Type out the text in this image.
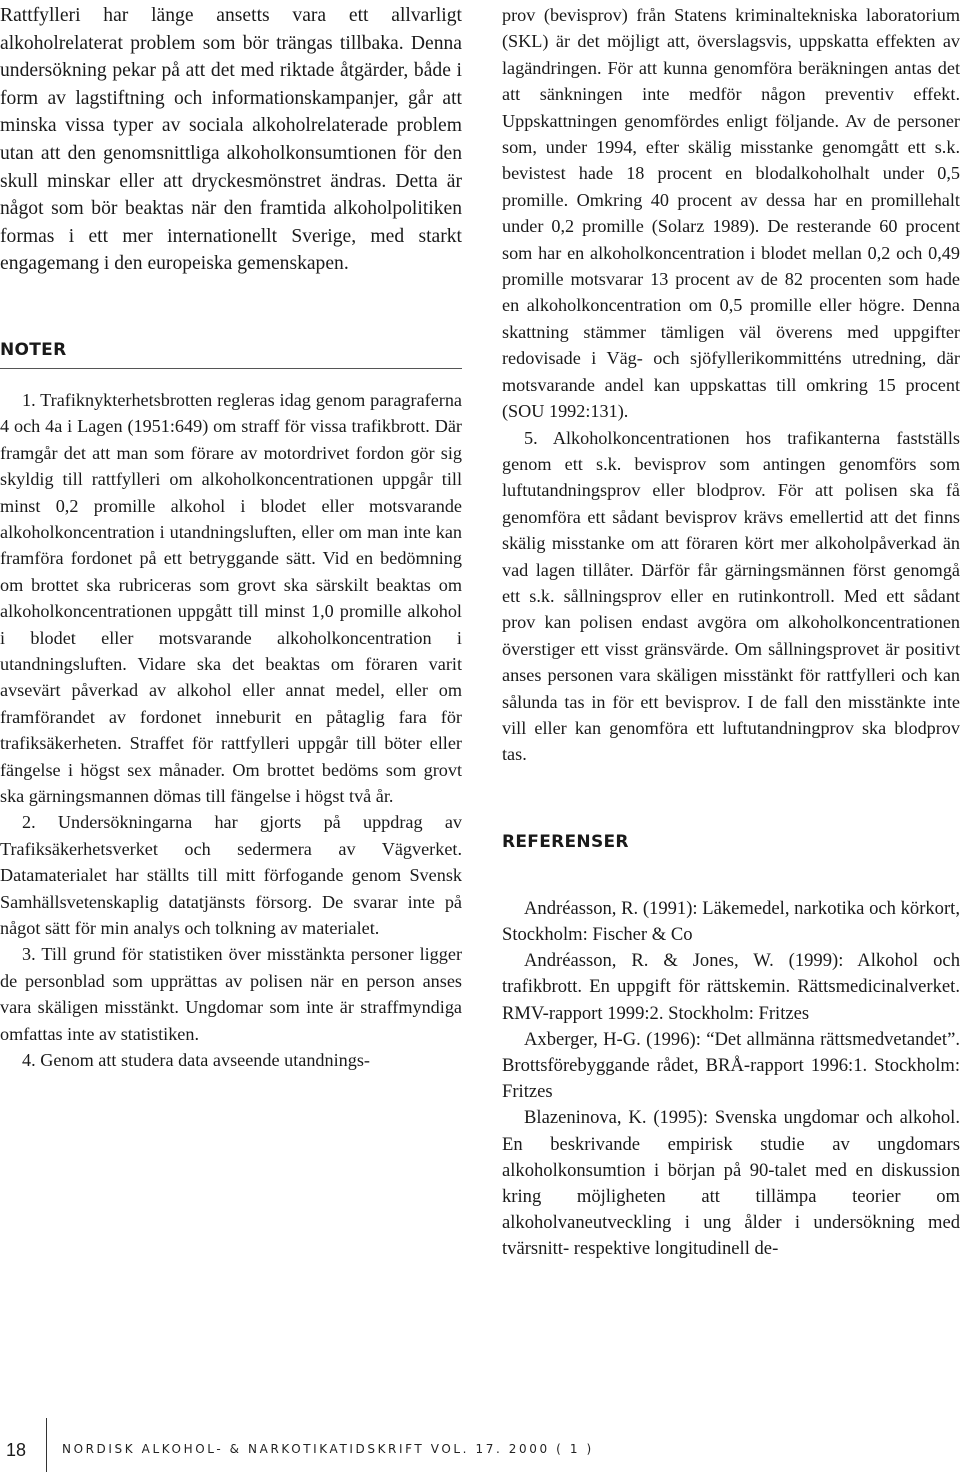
Rattfylleri har länge ansetts vara ett allvarligt alkoholrelaterat problem som bör trängas tillbaka. Denna undersökning pekar på att det med riktade åtgärder, både i form av lagstiftning och informationskampanjer, går att minska vissa typer av sociala alkoholrelaterade problem utan att den genomsnittliga alkoholkonsumtionen för den skull minskar eller att dryckesmönstret ändras. Detta är något som bör beaktas när den framtida alkoholpolitiken formas i ett mer internationellt Sverige, med starkt engagemang i den europeiska gemenskapen.

NOTER

1. Trafiknykterhetsbrotten regleras idag genom paragraferna 4 och 4a i Lagen (1951:649) om straff för vissa trafikbrott. Där framgår det att man som förare av motordrivet fordon gör sig skyldig till rattfylleri om alkoholkoncentrationen uppgår till minst 0,2 promille alkohol i blodet eller motsvarande alkoholkoncentration i utandningsluften, eller om man inte kan framföra fordonet på ett betryggande sätt. Vid en bedömning om brottet ska rubriceras som grovt ska särskilt beaktas om alkoholkoncentrationen uppgått till minst 1,0 promille alkohol i blodet eller motsvarande alkoholkoncentration i utandningsluften. Vidare ska det beaktas om föraren varit avsevärt påverkad av alkohol eller annat medel, eller om framförandet av fordonet inneburit en påtaglig fara för trafiksäkerheten. Straffet för rattfylleri uppgår till böter eller fängelse i högst sex månader. Om brottet bedöms som grovt ska gärningsmannen dömas till fängelse i högst två år.

2. Undersökningarna har gjorts på uppdrag av Trafiksäkerhetsverket och sedermera av Vägverket. Datamaterialet har ställts till mitt förfogande genom Svensk Samhällsvetenskaplig datatjänsts försorg. De svarar inte på något sätt för min analys och tolkning av materialet.

3. Till grund för statistiken över misstänkta personer ligger de personblad som upprättas av polisen när en person anses vara skäligen misstänkt. Ungdomar som inte är straffmyndiga omfattas inte av statistiken.

4. Genom att studera data avseende utandnings-

prov (bevisprov) från Statens kriminaltekniska laboratorium (SKL) är det möjligt att, överslagsvis, uppskatta effekten av lagändringen. För att kunna genomföra beräkningen antas det att sänkningen inte medför någon preventiv effekt. Uppskattningen genomfördes enligt följande. Av de personer som, under 1994, efter skälig misstanke genomgått ett s.k. bevistest hade 18 procent en blodalkoholhalt under 0,5 promille. Omkring 40 procent av dessa har en promillehalt under 0,2 promille (Solarz 1989). De resterande 60 procent som har en alkoholkoncentration i blodet mellan 0,2 och 0,49 promille motsvarar 13 procent av de 82 procenten som hade en alkoholkoncentration om 0,5 promille eller högre. Denna skattning stämmer tämligen väl överens med uppgifter redovisade i Väg- och sjöfyllerikommitténs utredning, där motsvarande andel kan uppskattas till omkring 15 procent (SOU 1992:131).

5. Alkoholkoncentrationen hos trafikanterna fastställs genom ett s.k. bevisprov som antingen genomförs som luftutandningsprov eller blodprov. För att polisen ska få genomföra ett sådant bevisprov krävs emellertid att det finns skälig misstanke om att föraren kört mer alkoholpåverkad än vad lagen tillåter. Därför får gärningsmännen först genomgå ett s.k. sållningsprov eller en rutinkontroll. Med ett sådant prov kan polisen endast avgöra om alkoholkoncentrationen överstiger ett visst gränsvärde. Om sållningsprovet är positivt anses personen vara skäligen misstänkt för rattfylleri och kan sålunda tas in för ett bevisprov. I de fall den misstänkte inte vill eller kan genomföra ett luftutandningprov ska blodprov tas.

REFERENSER

Andréasson, R. (1991): Läkemedel, narkotika och körkort, Stockholm: Fischer & Co

Andréasson, R. & Jones, W. (1999): Alkohol och trafikbrott. En uppgift för rättskemin. Rättsmedicinalverket. RMV-rapport 1999:2. Stockholm: Fritzes

Axberger, H-G. (1996): “Det allmänna rättsmedvetandet”. Brottsförebyggande rådet, BRÅ-rapport 1996:1. Stockholm: Fritzes

Blazeninova, K. (1995): Svenska ungdomar och alkohol. En beskrivande empirisk studie av ungdomars alkoholkonsumtion i början på 90-talet med en diskussion kring möjligheten att tillämpa teorier om alkoholvaneutveckling i ung ålder i undersökning med tvärsnitt- respektive longitudinell de-

18	NORDISK ALKOHOL- & NARKOTIKATIDSKRIFT VOL. 17. 2000 ( 1 )
